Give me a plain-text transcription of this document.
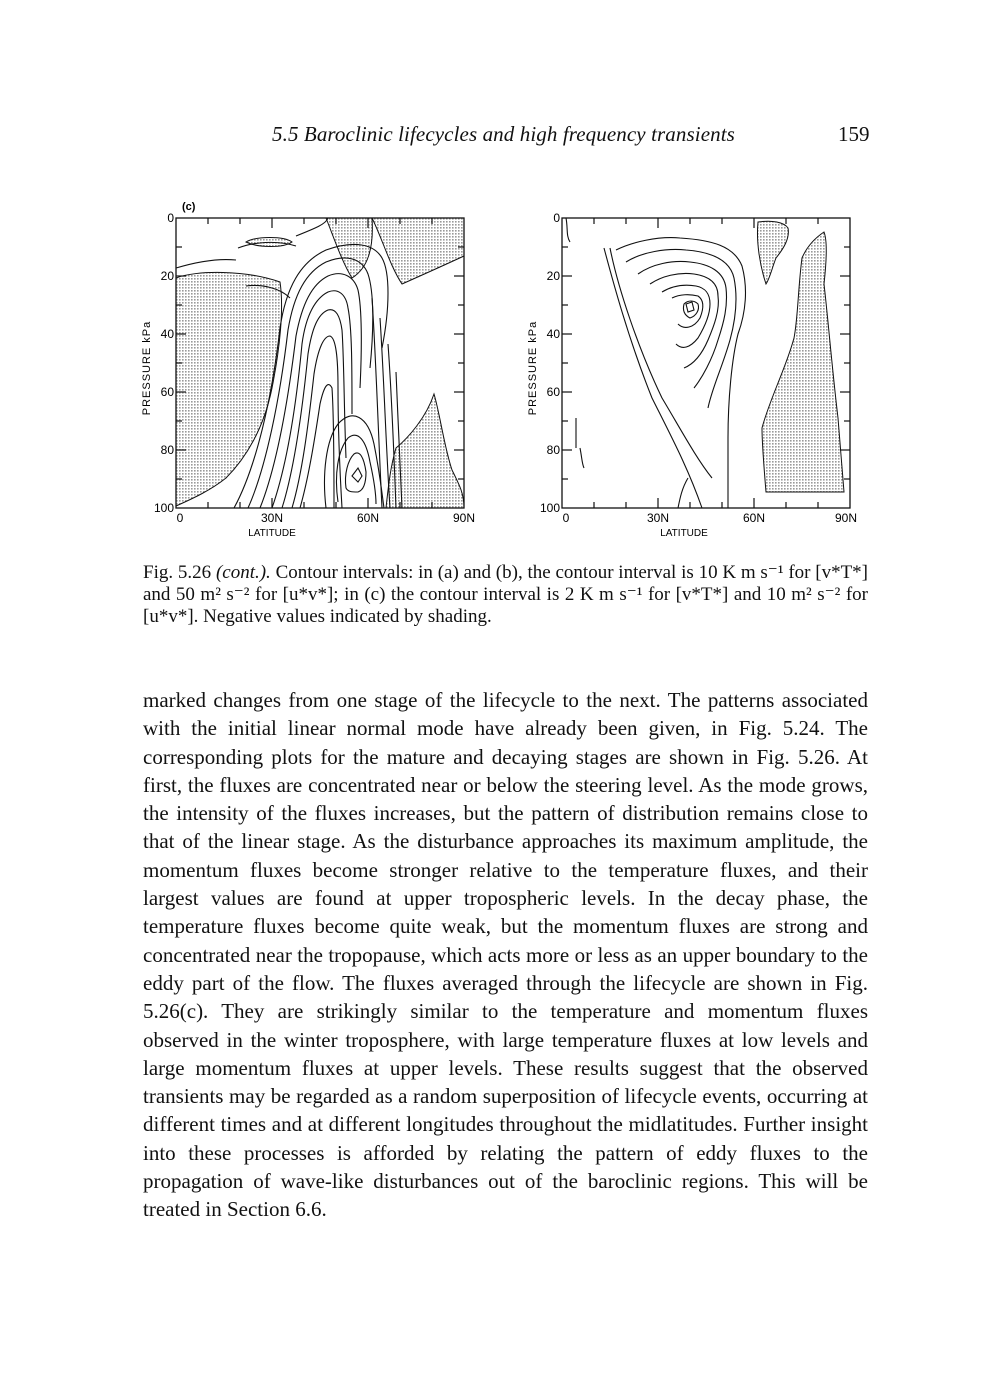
5.5 Baroclinic lifecycles and high frequency transients	159
(c)
0
20
40
60
80
100
0	30N	60N	90N
LATITUDE
PRESSURE kPa
0
20
40
60
80
100
0	30N	60N	90N
LATITUDE
PRESSURE kPa
Fig. 5.26 (cont.). Contour intervals: in (a) and (b), the contour interval is 10 K m s⁻¹ for [v*T*] and 50 m² s⁻² for [u*v*]; in (c) the contour interval is 2 K m s⁻¹ for [v*T*] and 10 m² s⁻² for [u*v*]. Negative values indicated by shading.

marked changes from one stage of the lifecycle to the next. The patterns associated with the initial linear normal mode have already been given, in Fig. 5.24. The corresponding plots for the mature and decaying stages are shown in Fig. 5.26. At first, the fluxes are concentrated near or below the steering level. As the mode grows, the intensity of the fluxes increases, but the pattern of distribution remains close to that of the linear stage. As the disturbance approaches its maximum amplitude, the momentum fluxes become stronger relative to the temperature fluxes, and their largest values are found at upper tropospheric levels. In the decay phase, the temperature fluxes become quite weak, but the momentum fluxes are strong and concentrated near the tropopause, which acts more or less as an upper boundary to the eddy part of the flow. The fluxes averaged through the lifecycle are shown in Fig. 5.26(c). They are strikingly similar to the temperature and momentum fluxes observed in the winter troposphere, with large temperature fluxes at low levels and large momentum fluxes at upper levels. These results suggest that the observed transients may be regarded as a random superposition of lifecycle events, occurring at different times and at different longitudes throughout the midlatitudes. Further insight into these processes is afforded by relating the pattern of eddy fluxes to the propagation of wave-like disturbances out of the baroclinic regions. This will be treated in Section 6.6.
